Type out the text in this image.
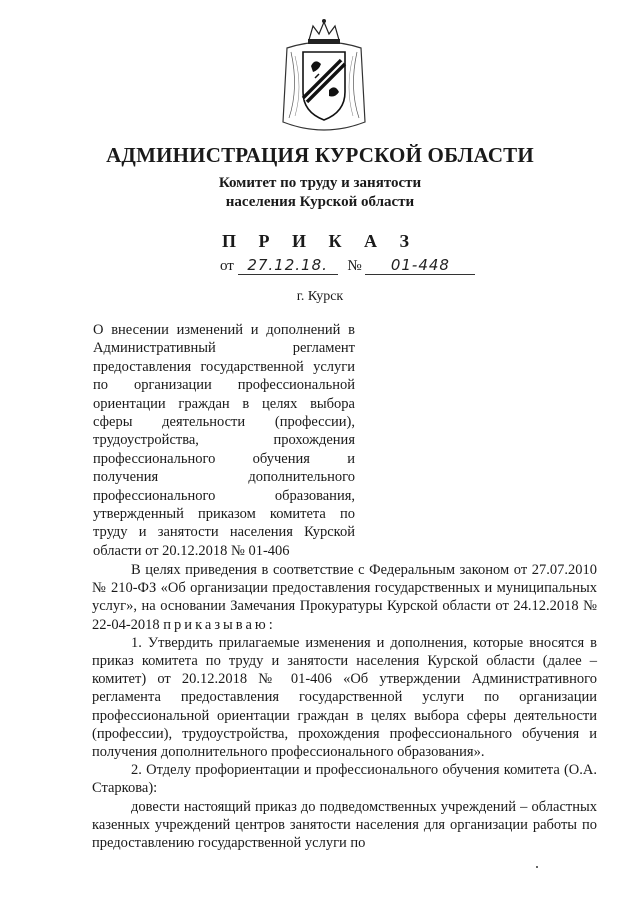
АДМИНИСТРАЦИЯ КУРСКОЙ ОБЛАСТИ
Комитет по труду и занятости
населения Курской области
П Р И К А З
от 27.12.18. № 01-448
г. Курск

О внесении изменений и дополнений в Административный регламент предоставления государственной услуги по организации профессиональной ориентации граждан в целях выбора сферы деятельности (профессии), трудоустройства, прохождения профессионального обучения и получения дополнительного профессионального образования, утвержденный приказом комитета по труду и занятости населения Курской области от 20.12.2018 № 01-406

В целях приведения в соответствие с Федеральным законом от 27.07.2010 № 210-ФЗ «Об организации предоставления государственных и муниципальных услуг», на основании Замечания Прокуратуры Курской области от 24.12.2018 № 22-04-2018 приказываю:

1. Утвердить прилагаемые изменения и дополнения, которые вносятся в приказ комитета по труду и занятости населения Курской области (далее – комитет) от 20.12.2018 № 01-406 «Об утверждении Административного регламента предоставления государственной услуги по организации профессиональной ориентации граждан в целях выбора сферы деятельности (профессии), трудоустройства, прохождения профессионального обучения и получения дополнительного профессионального образования».

2. Отделу профориентации и профессионального обучения комитета (О.А. Старкова):

довести настоящий приказ до подведомственных учреждений – областных казенных учреждений центров занятости населения для организации работы по предоставлению государственной услуги по
